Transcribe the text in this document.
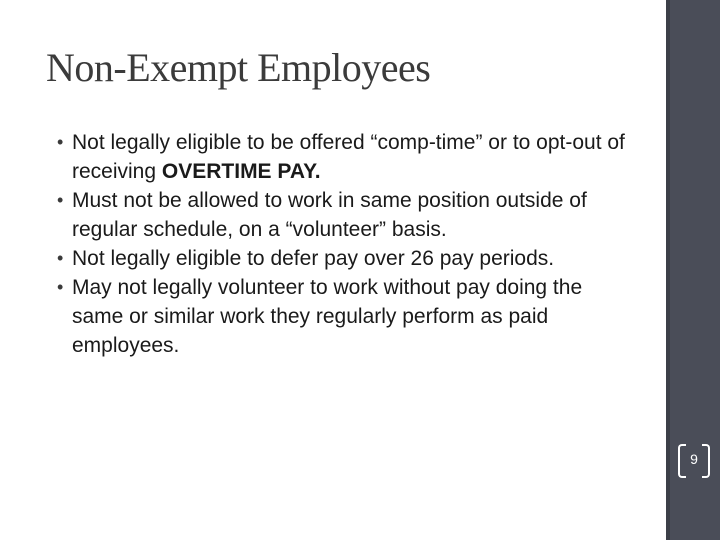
Non-Exempt Employees
• Not legally eligible to be offered “comp-time” or to opt-out of receiving OVERTIME PAY.
• Must not be allowed to work in same position outside of regular schedule, on a “volunteer” basis.
• Not legally eligible to defer pay over 26 pay periods.
• May not legally volunteer to work without pay doing the same or similar work they regularly perform as paid employees.
9
